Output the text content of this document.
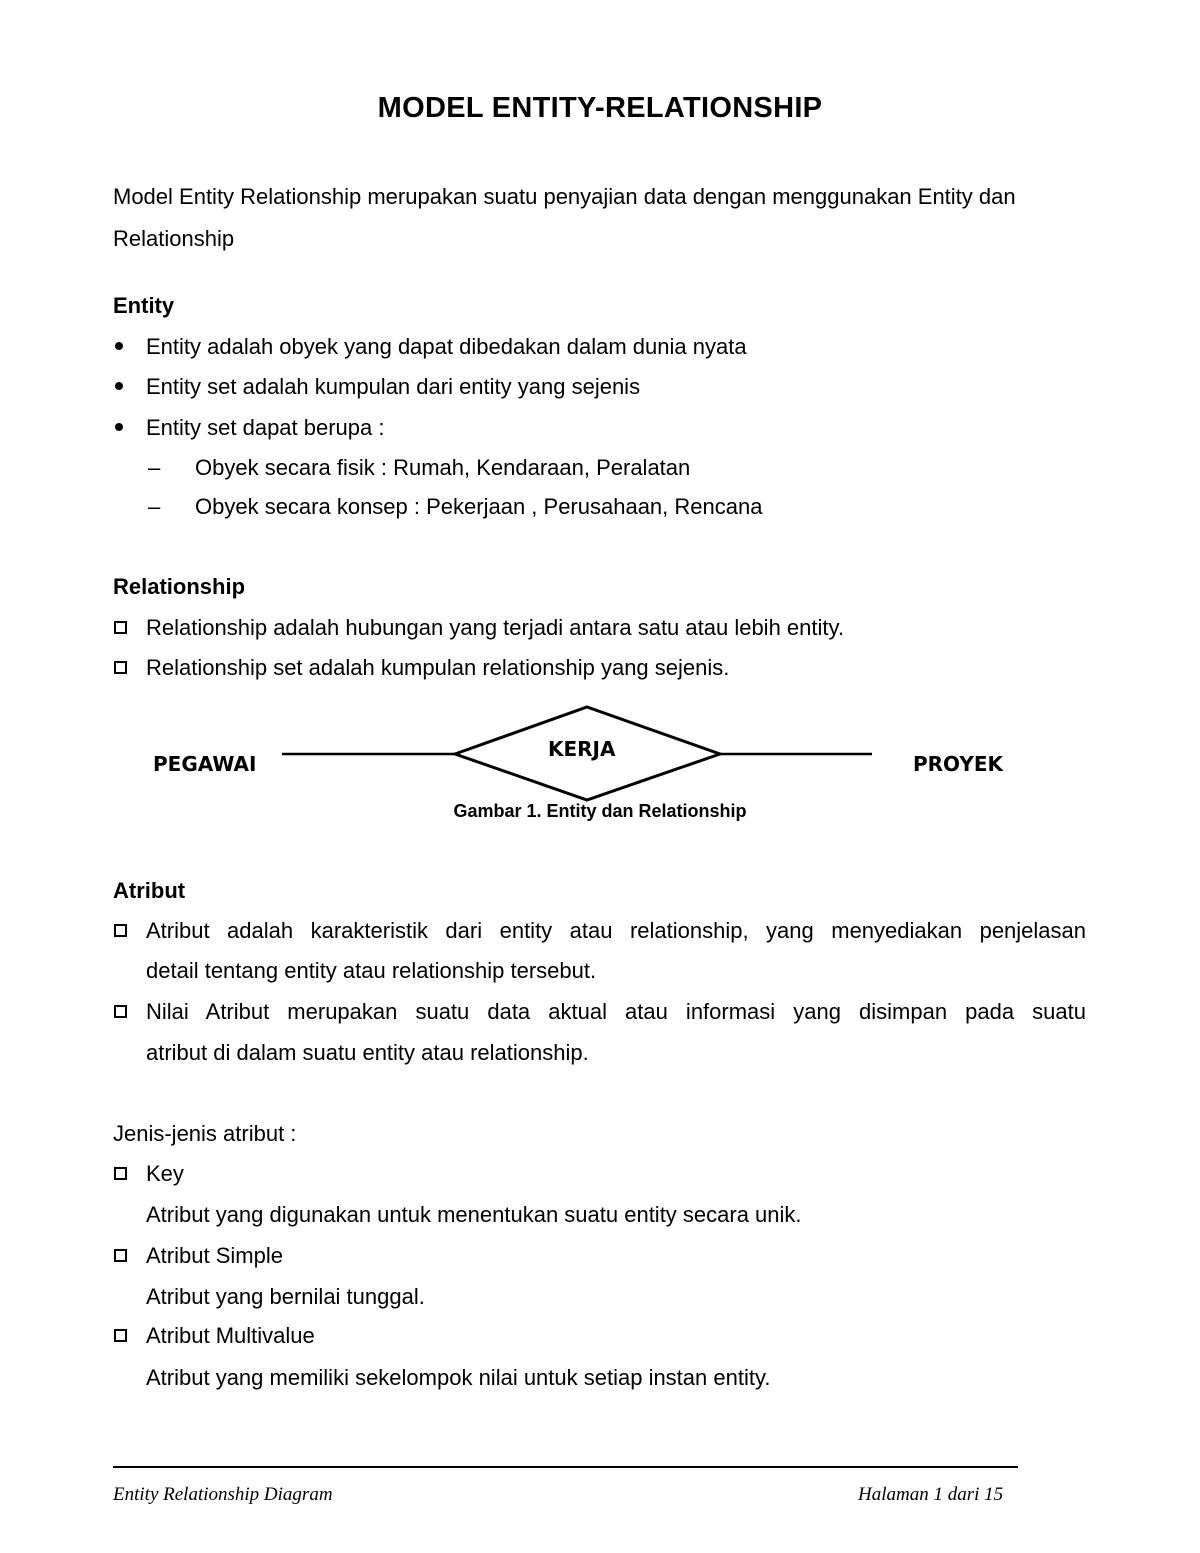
MODEL ENTITY-RELATIONSHIP
Model Entity Relationship merupakan suatu penyajian data dengan menggunakan Entity dan
Relationship
Entity
Entity adalah obyek yang dapat dibedakan dalam dunia nyata
Entity set adalah kumpulan dari entity yang sejenis
Entity set dapat berupa :
– Obyek secara fisik : Rumah, Kendaraan, Peralatan
– Obyek secara konsep : Pekerjaan , Perusahaan, Rencana
Relationship
Relationship adalah hubungan yang terjadi antara satu atau lebih entity.
Relationship set adalah kumpulan relationship yang sejenis.
PEGAWAI
KERJA
PROYEK
Gambar 1. Entity dan Relationship
Atribut
Atribut adalah karakteristik dari entity atau relationship, yang menyediakan penjelasan
detail tentang entity atau relationship tersebut.
Nilai Atribut merupakan suatu data aktual atau informasi yang disimpan pada suatu
atribut di dalam suatu entity atau relationship.
Jenis-jenis atribut :
Key
Atribut yang digunakan untuk menentukan suatu entity secara unik.
Atribut Simple
Atribut yang bernilai tunggal.
Atribut Multivalue
Atribut yang memiliki sekelompok nilai untuk setiap instan entity.
Entity Relationship Diagram	Halaman 1 dari 15
